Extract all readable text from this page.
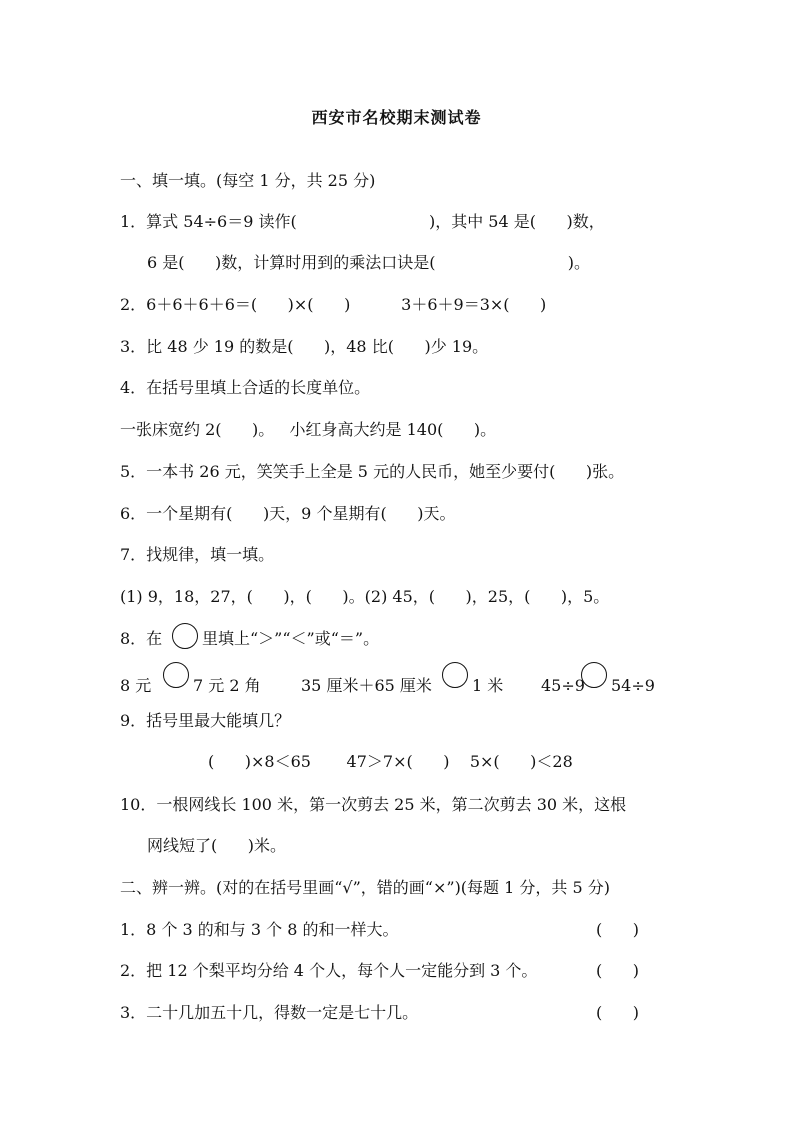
西安市名校期末测试卷
一、填一填。(每空 1 分，共 25 分)
1．算式 54÷6＝9 读作(                          )，其中 54 是(      )数，
6 是(      )数，计算时用到的乘法口诀是(                          )。
2．6＋6＋6＋6＝(      )×(      )          3＋6＋9＝3×(      )
3．比 48 少 19 的数是(      )，48 比(      )少 19。
4．在括号里填上合适的长度单位。
一张床宽约 2(      )。   小红身高大约是 140(      )。
5．一本书 26 元，笑笑手上全是 5 元的人民币，她至少要付(      )张。
6．一个星期有(      )天，9 个星期有(      )天。
7．找规律，填一填。
(1) 9，18，27，(      )，(      )。(2) 45，(      )，25，(      )，5。
8．在 里填上“＞”“＜”或“＝”。
8 元	7 元 2 角	35 厘米＋65 厘米	1 米 45÷9 54÷9
9．括号里最大能填几？
(      )×8＜65       47＞7×(      )    5×(      )＜28
10．一根网线长 100 米，第一次剪去 25 米，第二次剪去 30 米，这根
网线短了(      )米。
二、辨一辨。(对的在括号里画“√”，错的画“×”)(每题 1 分，共 5 分)
1．8 个 3 的和与 3 个 8 的和一样大。	(      )
2．把 12 个梨平均分给 4 个人，每个人一定能分到 3 个。	(      )
3．二十几加五十几，得数一定是七十几。	(      )
